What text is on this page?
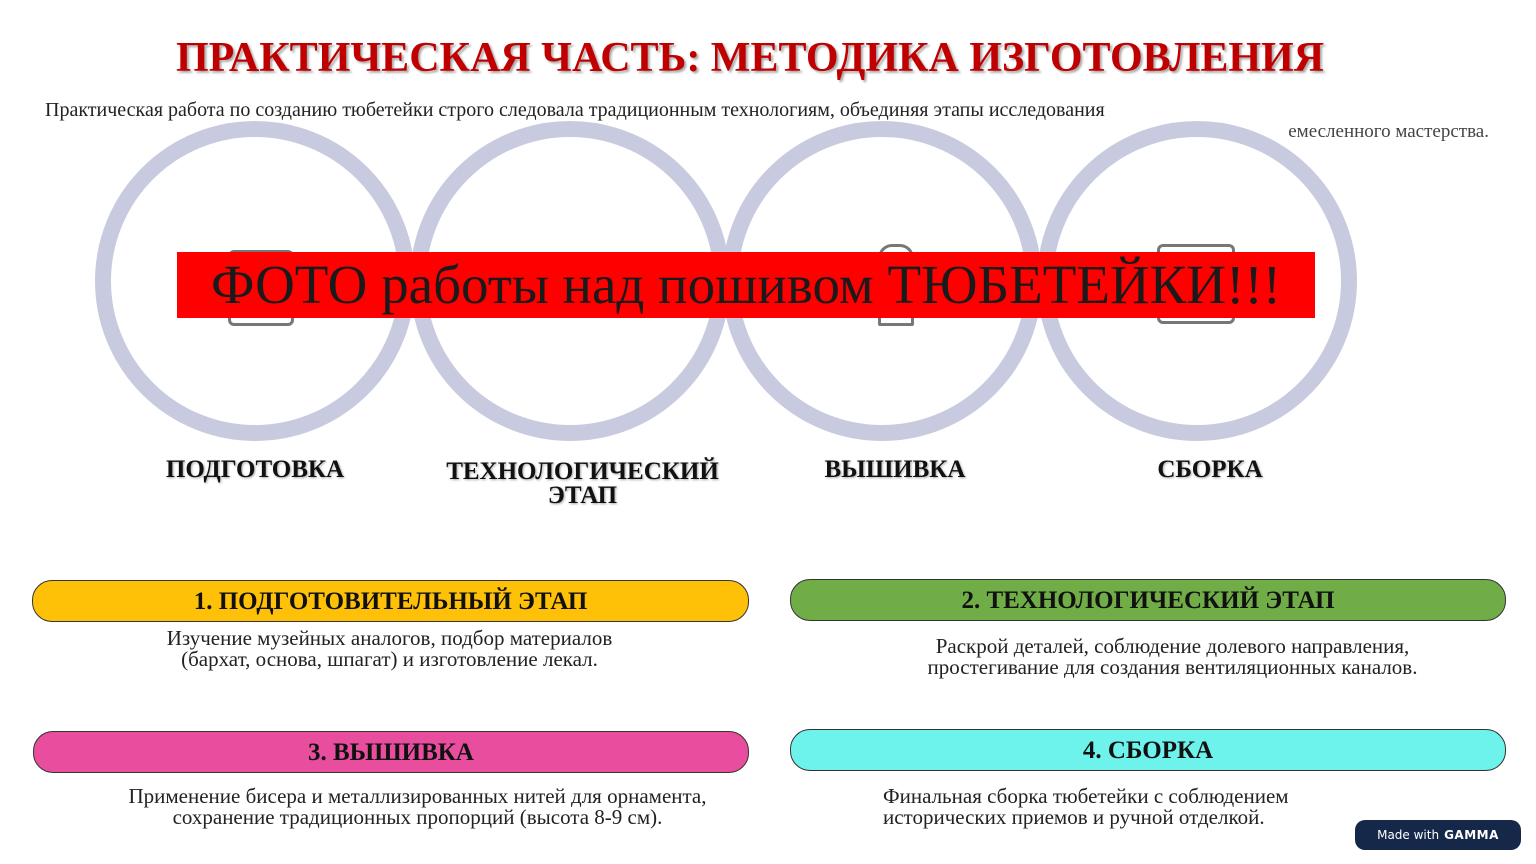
ПРАКТИЧЕСКАЯ ЧАСТЬ: МЕТОДИКА ИЗГОТОВЛЕНИЯ
Практическая работа по созданию тюбетейки строго следовала традиционным технологиям, объединяя этапы исследования
емесленного мастерства.
ФОТО работы над пошивом ТЮБЕТЕЙКИ!!!
ПОДГОТОВКА	ТЕХНОЛОГИЧЕСКИЙ
ЭТАП
ВЫШИВКА	СБОРКА
1. ПОДГОТОВИТЕЛЬНЫЙ ЭТАП
Изучение музейных аналогов, подбор материалов
(бархат, основа, шпагат) и изготовление лекал.
2. ТЕХНОЛОГИЧЕСКИЙ ЭТАП
Раскрой деталей, соблюдение долевого направления,
простегивание для создания вентиляционных каналов.
3. ВЫШИВКА
Применение бисера и металлизированных нитей для орнамента,
сохранение традиционных пропорций (высота 8-9 см).
4. СБОРКА
Финальная сборка тюбетейки с соблюдением
исторических приемов и ручной отделкой.
Made with GAMMA
